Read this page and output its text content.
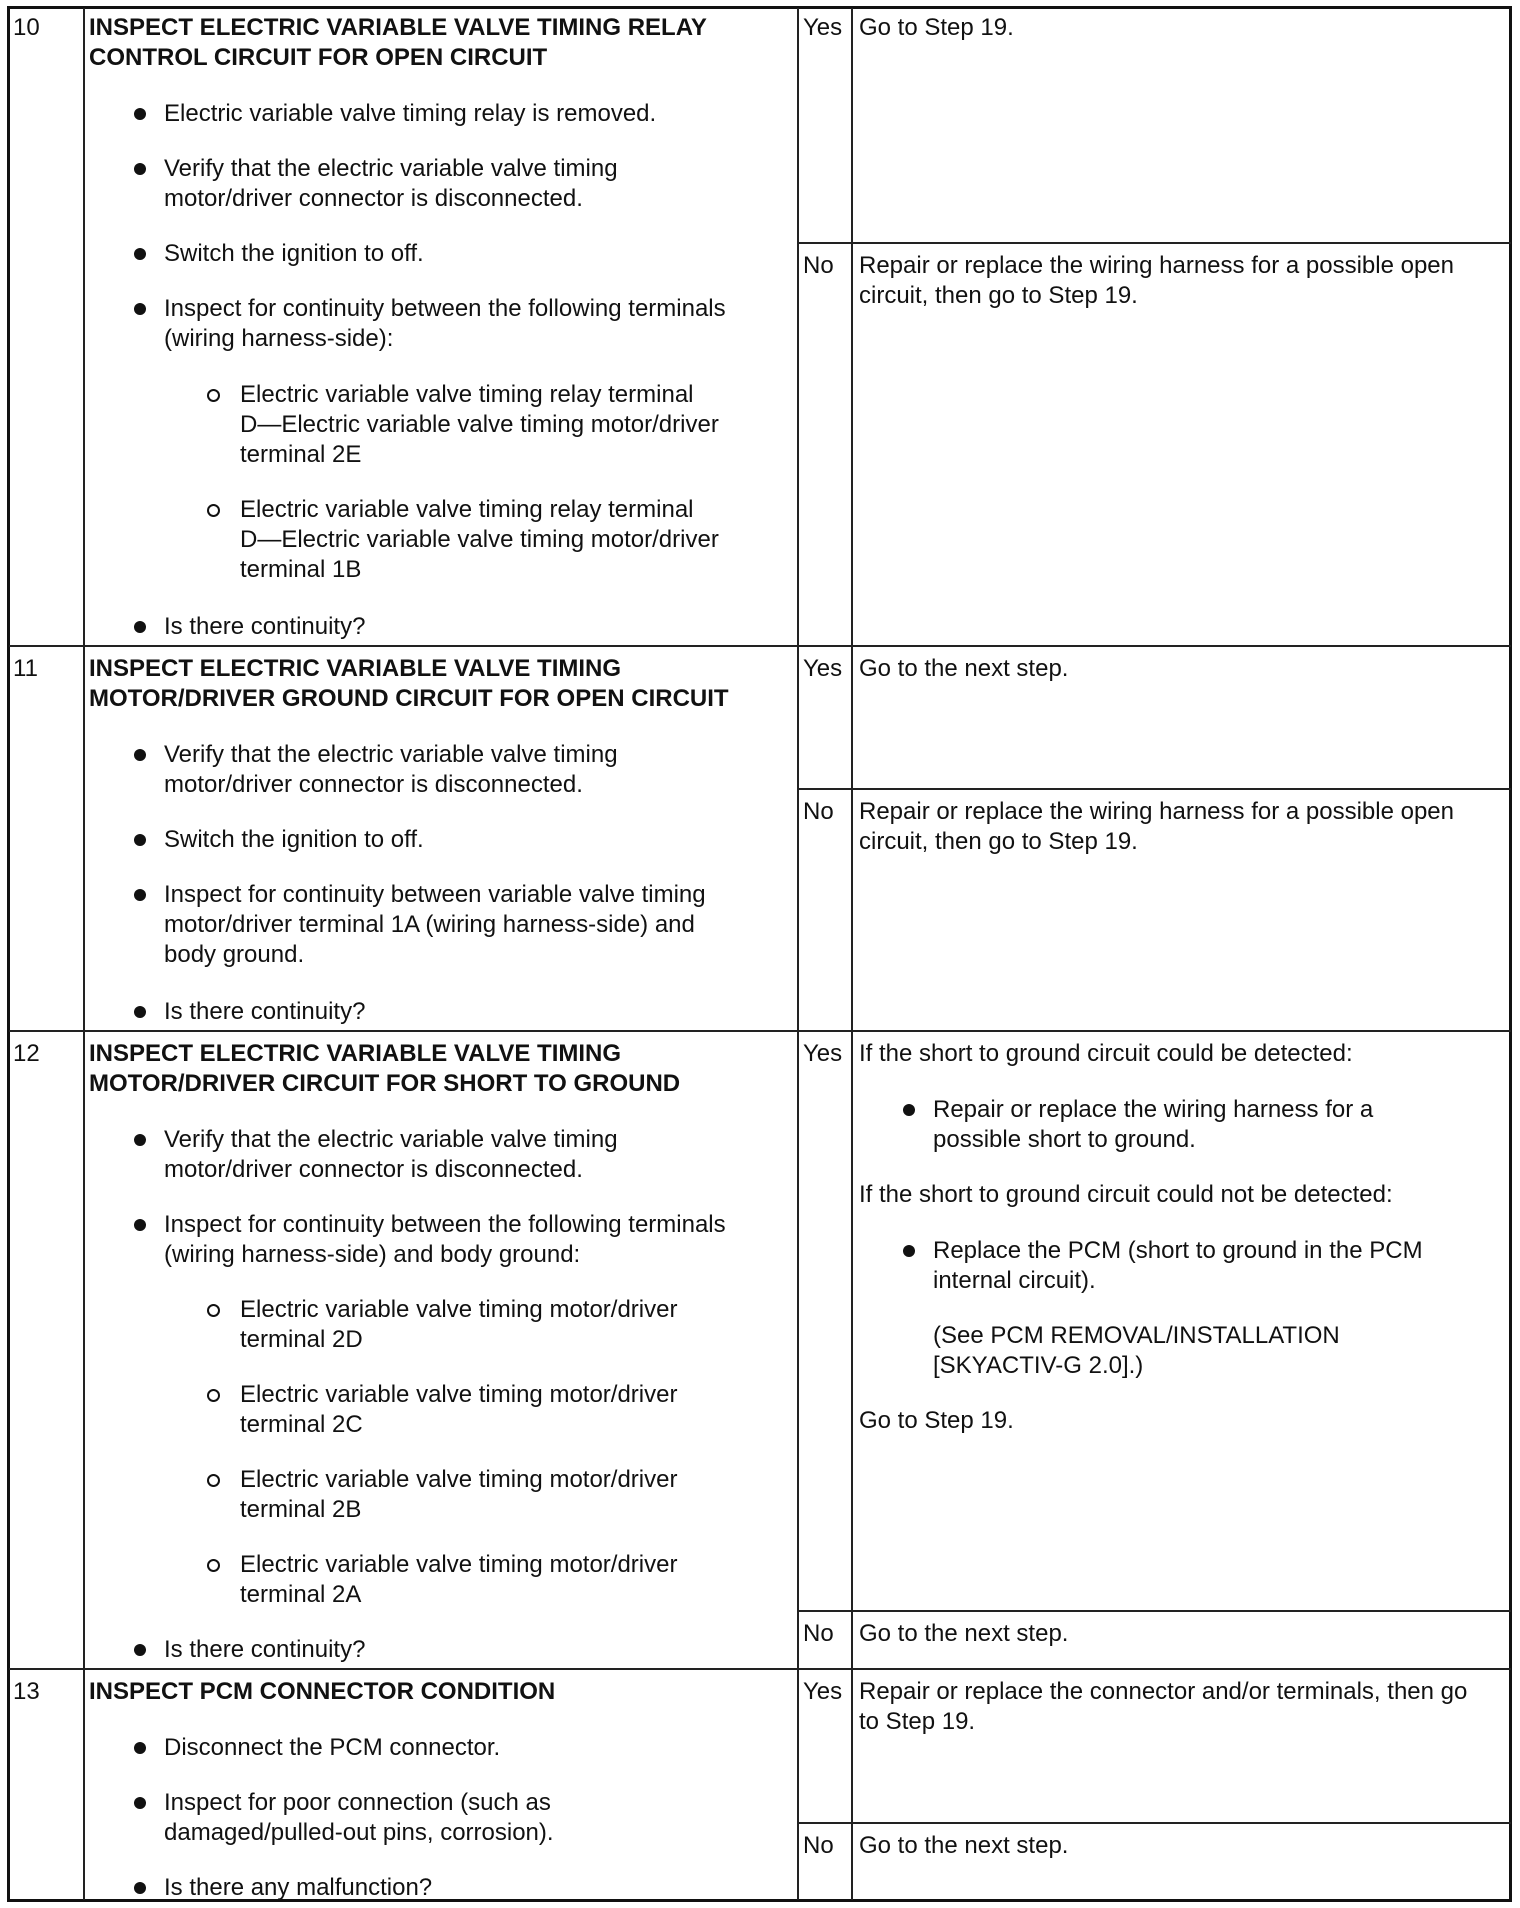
10 INSPECT ELECTRIC VARIABLE VALVE TIMING RELAY
CONTROL CIRCUIT FOR OPEN CIRCUIT
Electric variable valve timing relay is removed.
Verify that the electric variable valve timing
motor/driver connector is disconnected.
Switch the ignition to off.
Inspect for continuity between the following terminals
(wiring harness-side):
Electric variable valve timing relay terminal
D—Electric variable valve timing motor/driver
terminal 2E
Electric variable valve timing relay terminal
D—Electric variable valve timing motor/driver
terminal 1B
Is there continuity?
Yes Go to Step 19.
No Repair or replace the wiring harness for a possible open
circuit, then go to Step 19.
11 INSPECT ELECTRIC VARIABLE VALVE TIMING
MOTOR/DRIVER GROUND CIRCUIT FOR OPEN CIRCUIT
Verify that the electric variable valve timing
motor/driver connector is disconnected.
Switch the ignition to off.
Inspect for continuity between variable valve timing
motor/driver terminal 1A (wiring harness-side) and
body ground.
Is there continuity?
Yes Go to the next step.
No Repair or replace the wiring harness for a possible open
circuit, then go to Step 19.
12 INSPECT ELECTRIC VARIABLE VALVE TIMING
MOTOR/DRIVER CIRCUIT FOR SHORT TO GROUND
Verify that the electric variable valve timing
motor/driver connector is disconnected.
Inspect for continuity between the following terminals
(wiring harness-side) and body ground:
Electric variable valve timing motor/driver
terminal 2D
Electric variable valve timing motor/driver
terminal 2C
Electric variable valve timing motor/driver
terminal 2B
Electric variable valve timing motor/driver
terminal 2A
Is there continuity?
Yes If the short to ground circuit could be detected:
Repair or replace the wiring harness for a
possible short to ground.
If the short to ground circuit could not be detected:
Replace the PCM (short to ground in the PCM
internal circuit).
(See PCM REMOVAL/INSTALLATION
[SKYACTIV-G 2.0].)
Go to Step 19.
No Go to the next step.
13 INSPECT PCM CONNECTOR CONDITION
Disconnect the PCM connector.
Inspect for poor connection (such as
damaged/pulled-out pins, corrosion).
Is there any malfunction?
Yes Repair or replace the connector and/or terminals, then go
to Step 19.
No Go to the next step.
